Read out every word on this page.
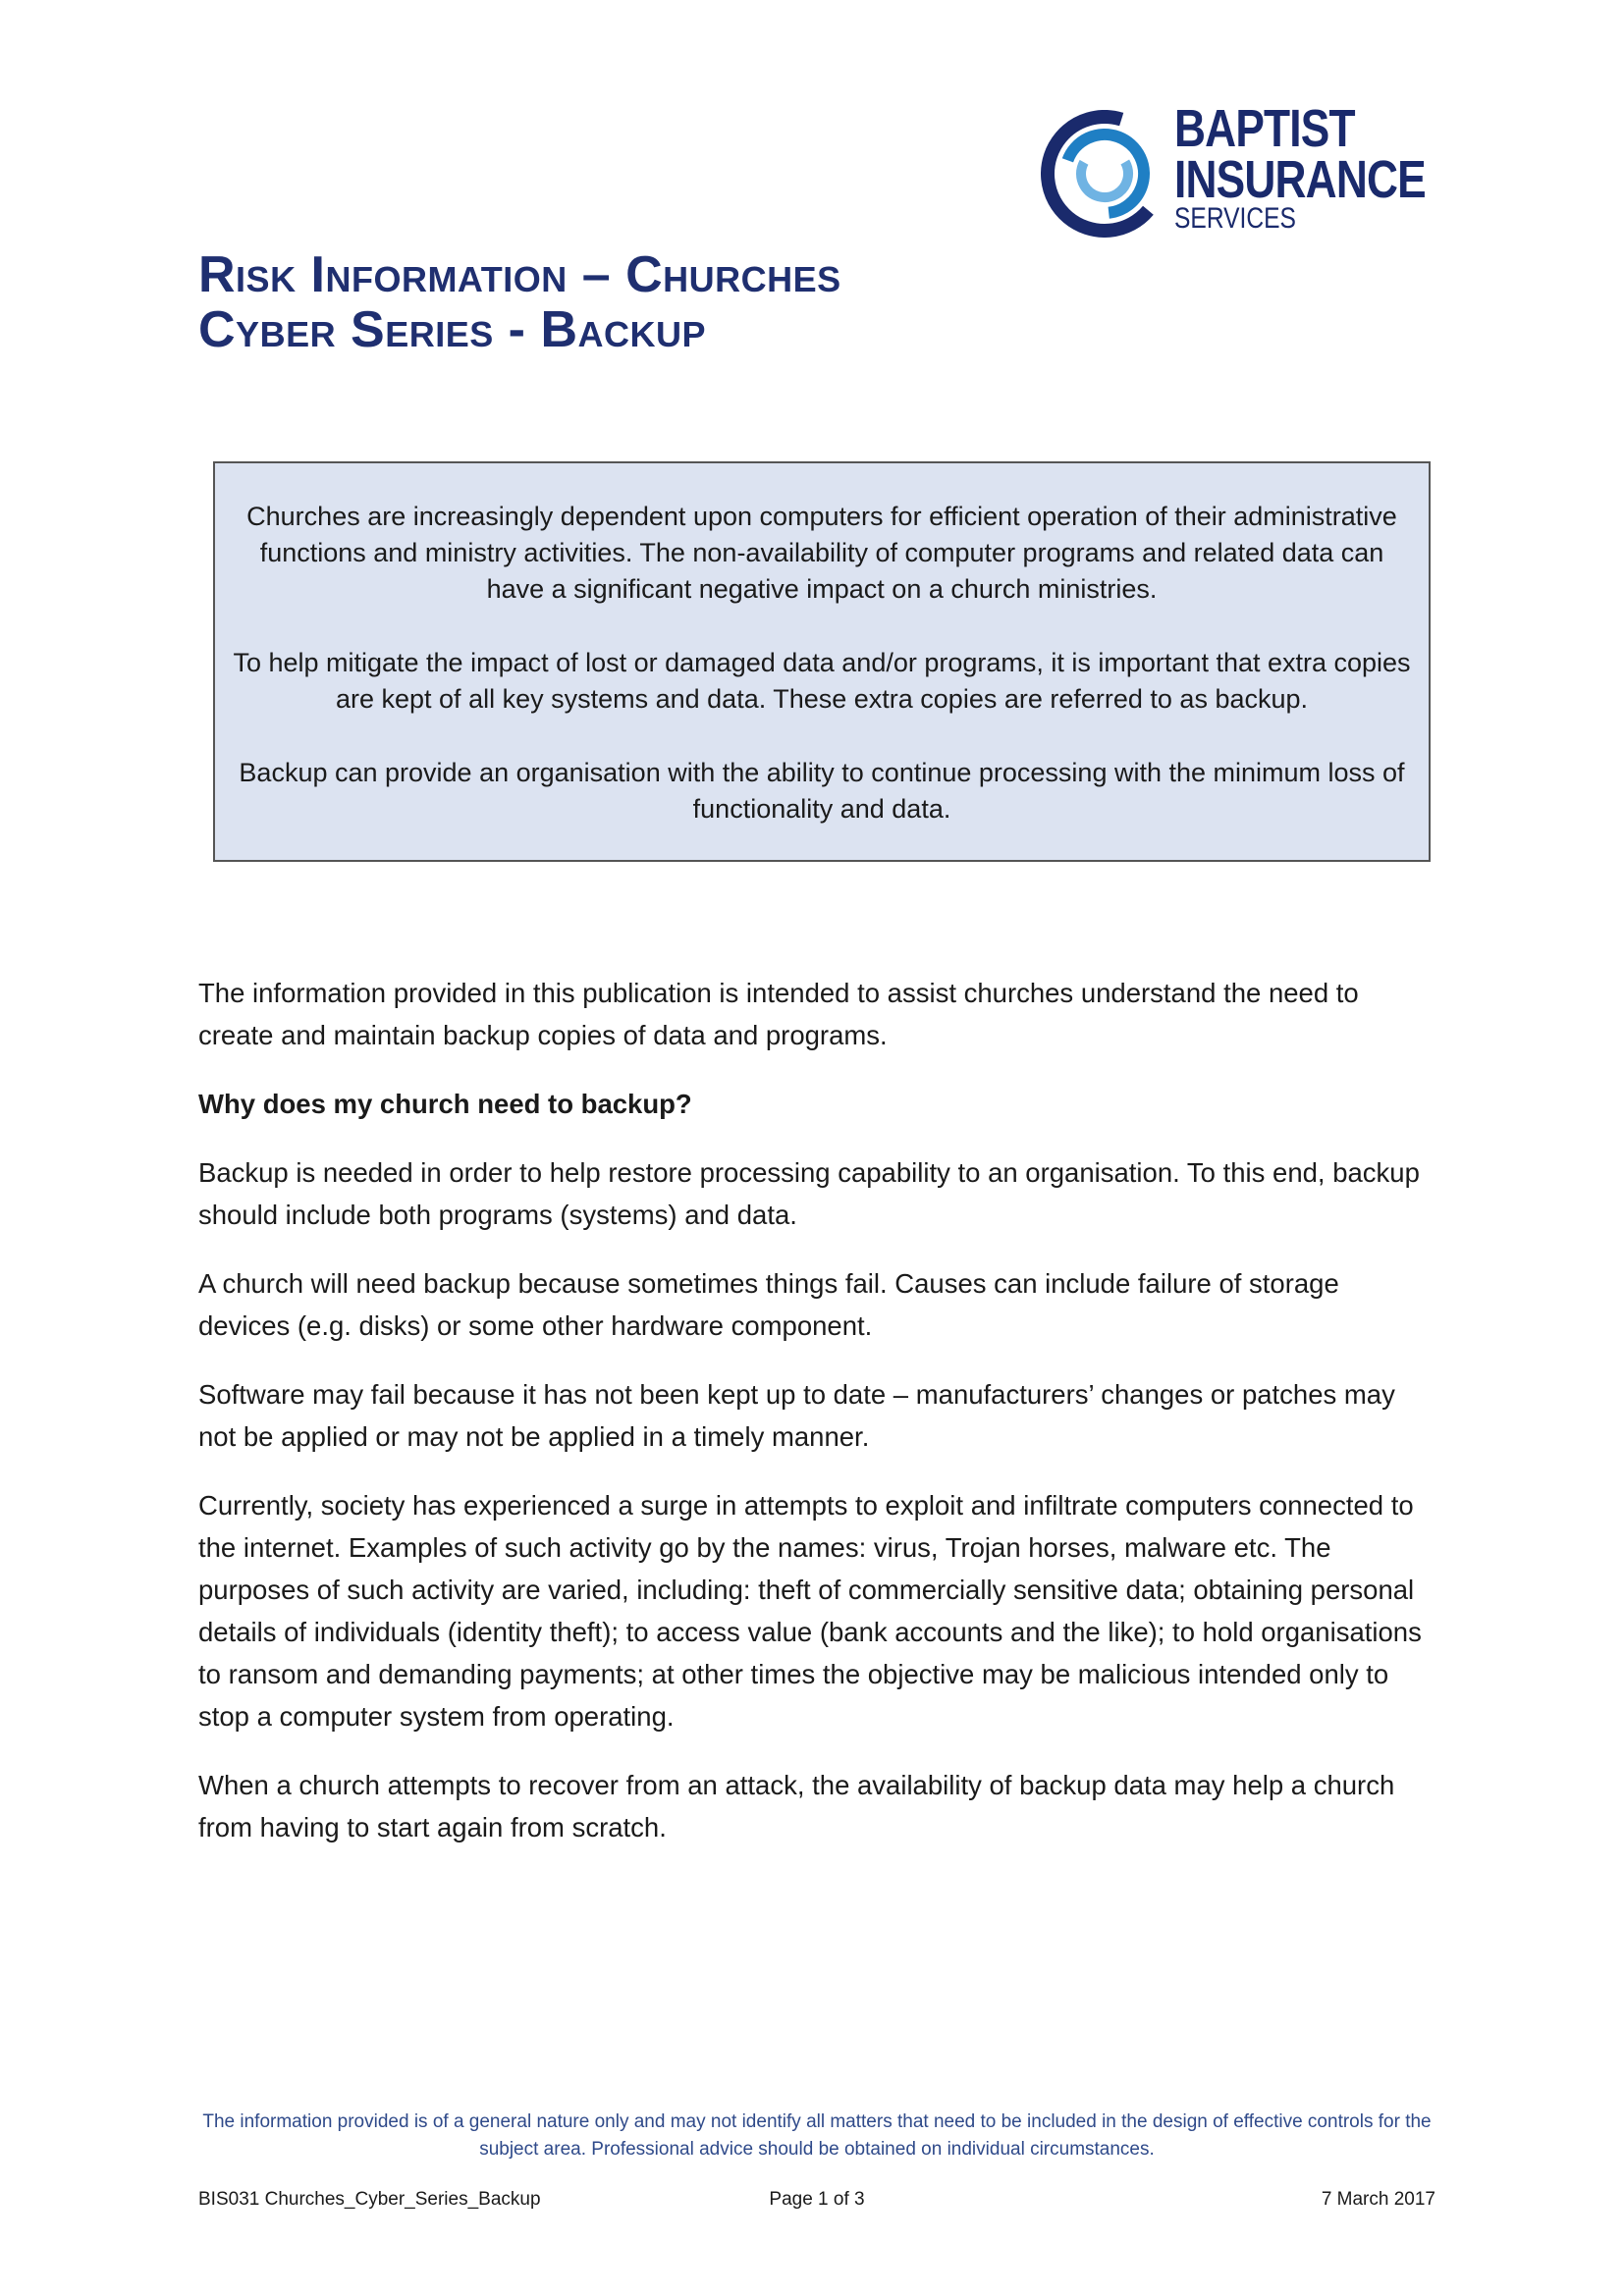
BAPTIST
INSURANCE
SERVICES
Risk Information – Churches
Cyber Series - Backup

Churches are increasingly dependent upon computers for efficient operation of their administrative functions and ministry activities. The non-availability of computer programs and related data can have a significant negative impact on a church ministries.

To help mitigate the impact of lost or damaged data and/or programs, it is important that extra copies are kept of all key systems and data. These extra copies are referred to as backup.

Backup can provide an organisation with the ability to continue processing with the minimum loss of functionality and data.

The information provided in this publication is intended to assist churches understand the need to create and maintain backup copies of data and programs.

Why does my church need to backup?

Backup is needed in order to help restore processing capability to an organisation. To this end, backup should include both programs (systems) and data.

A church will need backup because sometimes things fail. Causes can include failure of storage devices (e.g. disks) or some other hardware component.

Software may fail because it has not been kept up to date – manufacturers’ changes or patches may not be applied or may not be applied in a timely manner.

Currently, society has experienced a surge in attempts to exploit and infiltrate computers connected to the internet. Examples of such activity go by the names: virus, Trojan horses, malware etc. The purposes of such activity are varied, including: theft of commercially sensitive data; obtaining personal details of individuals (identity theft); to access value (bank accounts and the like); to hold organisations to ransom and demanding payments; at other times the objective may be malicious intended only to stop a computer system from operating.

When a church attempts to recover from an attack, the availability of backup data may help a church from having to start again from scratch.

The information provided is of a general nature only and may not identify all matters that need to be included in the design of effective controls for the subject area. Professional advice should be obtained on individual circumstances.
BIS031 Churches_Cyber_Series_Backup	Page 1 of 3	7 March 2017
